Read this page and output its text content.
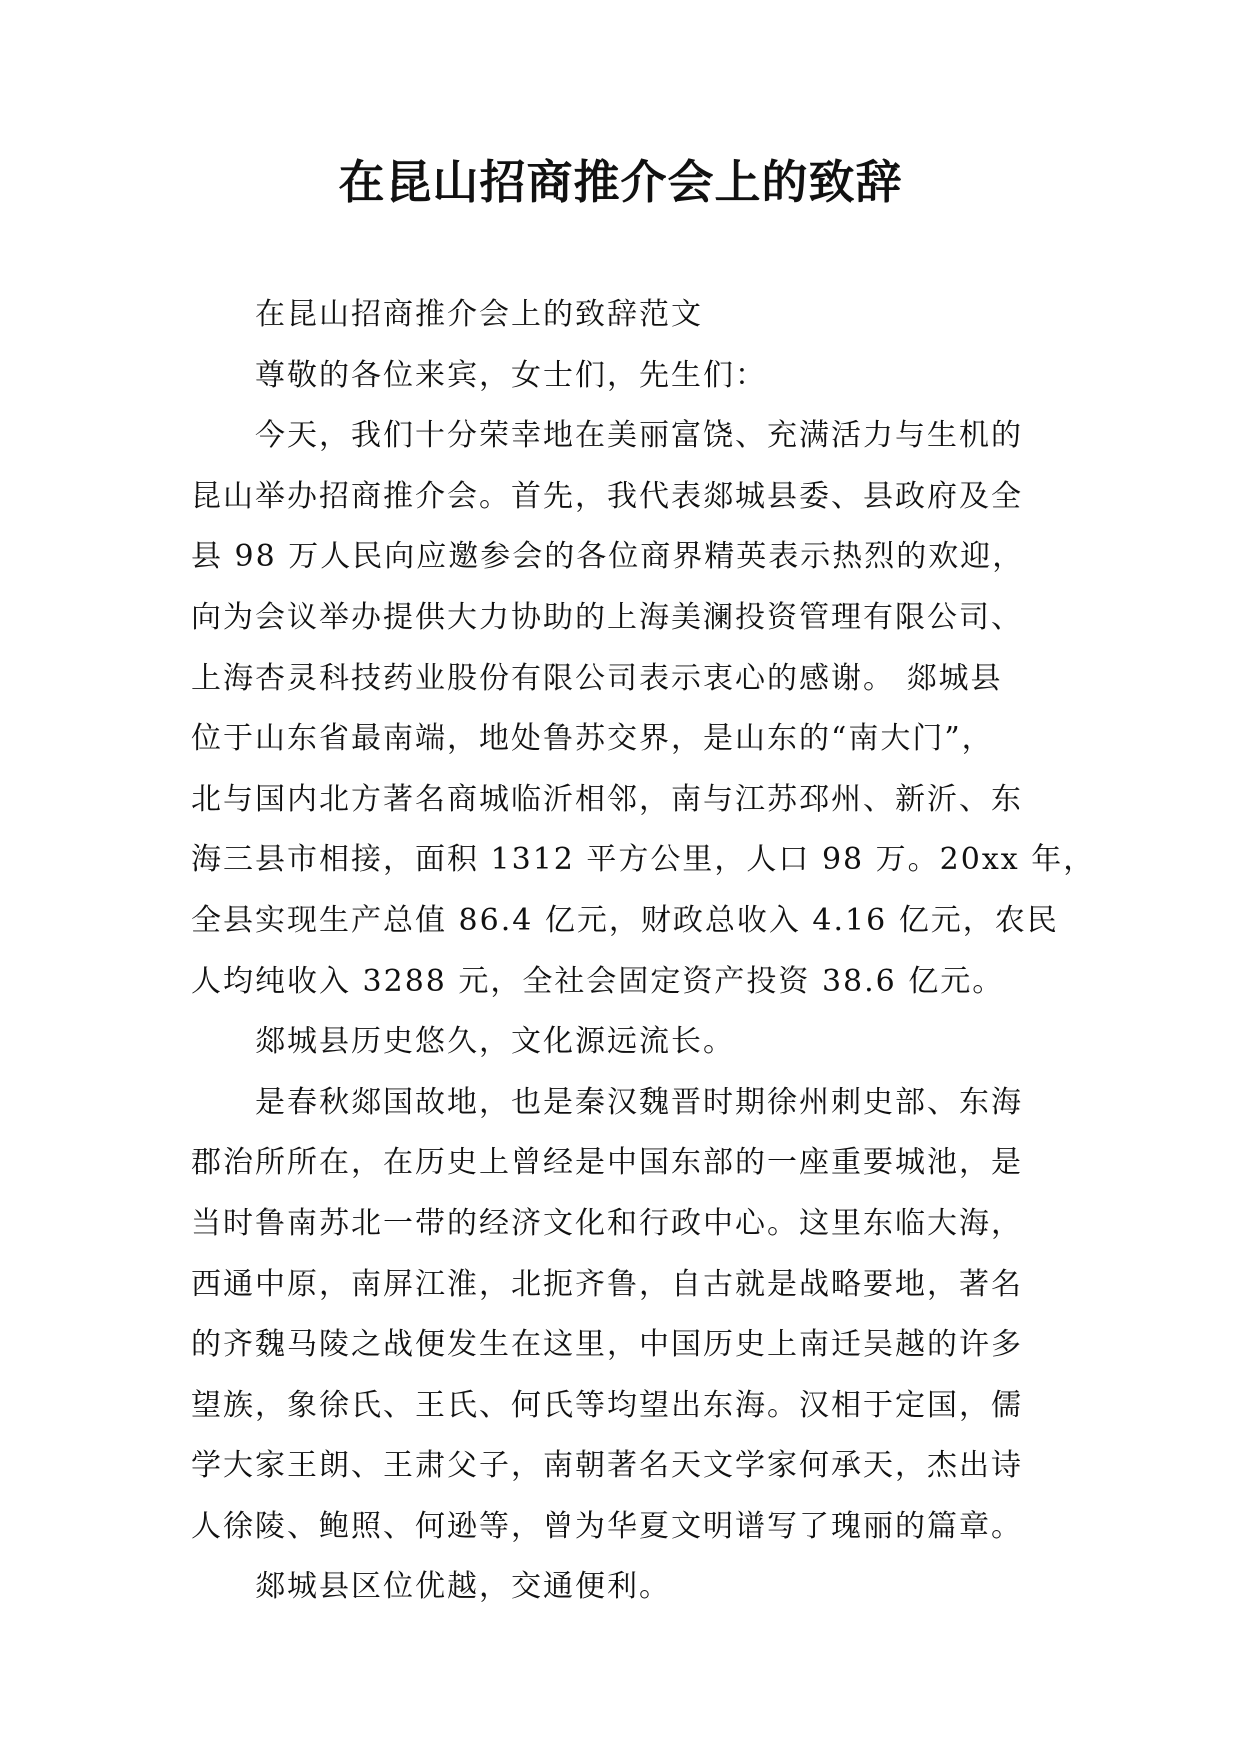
在昆山招商推介会上的致辞

在昆山招商推介会上的致辞范文

尊敬的各位来宾，女士们，先生们：

今天，我们十分荣幸地在美丽富饶、充满活力与生机的
昆山举办招商推介会。首先，我代表郯城县委、县政府及全
县 98 万人民向应邀参会的各位商界精英表示热烈的欢迎，
向为会议举办提供大力协助的上海美澜投资管理有限公司、
上海杏灵科技药业股份有限公司表示衷心的感谢。 郯城县
位于山东省最南端，地处鲁苏交界，是山东的“南大门”，
北与国内北方著名商城临沂相邻，南与江苏邳州、新沂、东
海三县市相接，面积 1312 平方公里，人口 98 万。20xx 年，
全县实现生产总值 86.4 亿元，财政总收入 4.16 亿元，农民
人均纯收入 3288 元，全社会固定资产投资 38.6 亿元。

郯城县历史悠久，文化源远流长。

是春秋郯国故地，也是秦汉魏晋时期徐州刺史部、东海
郡治所所在，在历史上曾经是中国东部的一座重要城池，是
当时鲁南苏北一带的经济文化和行政中心。这里东临大海，
西通中原，南屏江淮，北扼齐鲁，自古就是战略要地，著名
的齐魏马陵之战便发生在这里，中国历史上南迁吴越的许多
望族，象徐氏、王氏、何氏等均望出东海。汉相于定国，儒
学大家王朗、王肃父子，南朝著名天文学家何承天，杰出诗
人徐陵、鲍照、何逊等，曾为华夏文明谱写了瑰丽的篇章。

郯城县区位优越，交通便利。
